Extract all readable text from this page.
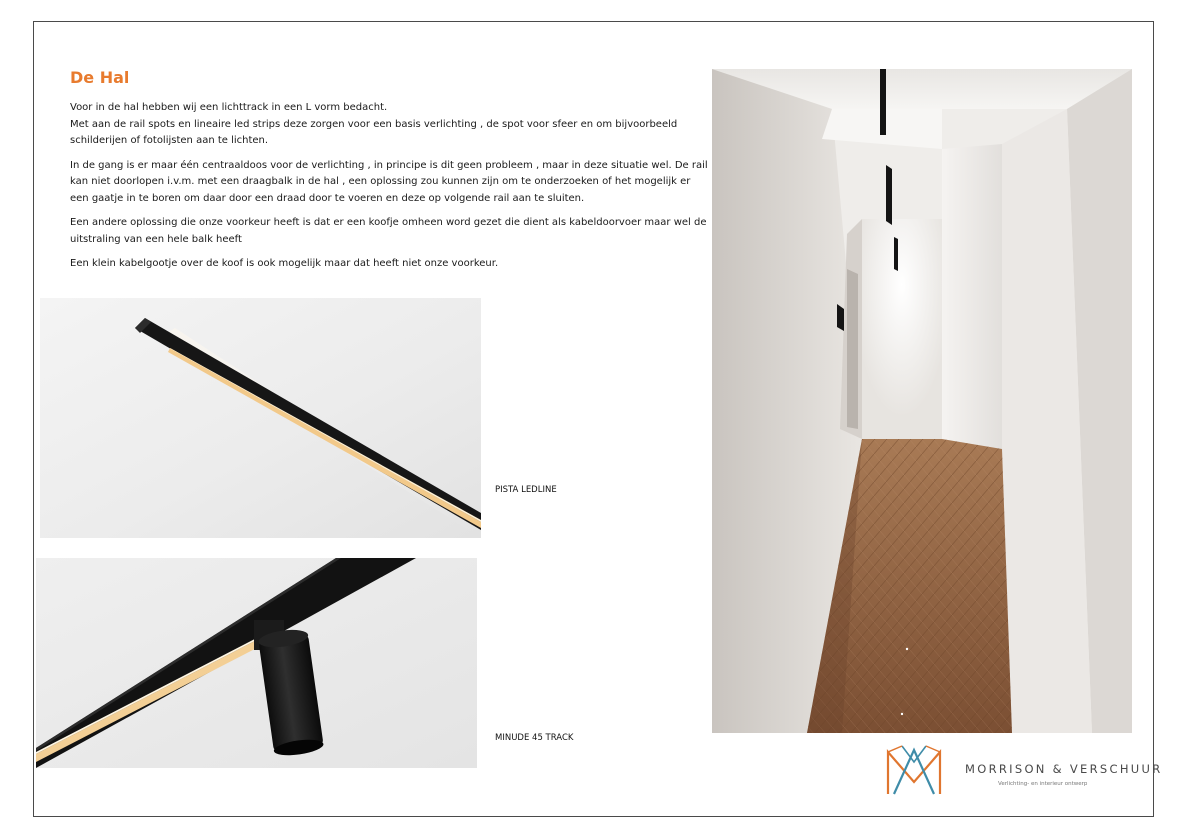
De Hal

Voor in de hal hebben wij een lichttrack in een L vorm bedacht.

Met aan de rail spots en lineaire led strips deze zorgen voor een basis verlichting , de spot voor sfeer en om bijvoorbeeld schilderijen of fotolijsten aan te lichten.

In de gang is er maar één centraaldoos voor de verlichting , in principe is dit geen probleem , maar in deze situatie wel. De rail kan niet doorlopen i.v.m. met een draagbalk in de hal , een oplossing zou kunnen zijn om te onderzoeken of het mogelijk er een gaatje in te boren om daar door een draad door te voeren en deze op volgende rail aan te sluiten.

Een andere oplossing die onze voorkeur heeft is dat er een koofje omheen word gezet die dient als kabeldoorvoer maar wel de uitstraling van een hele balk heeft

Een klein kabelgootje over de koof is ook mogelijk maar dat heeft niet onze voorkeur.

PISTA LEDLINE
MINUDE 45 TRACK
MORRISON & VERSCHUUR
Verlichting- en interieur ontwerp
